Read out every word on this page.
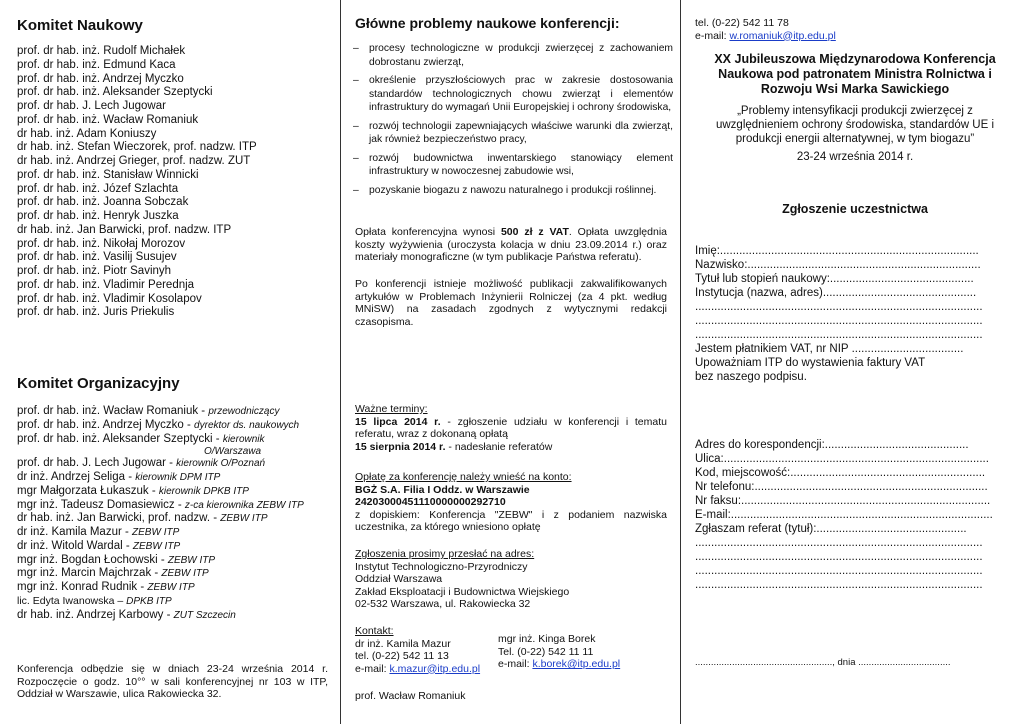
Komitet Naukowy
prof. dr hab. inż. Rudolf Michałek
prof. dr hab. inż. Edmund Kaca
prof. dr hab. inż. Andrzej Myczko
prof. dr hab. inż. Aleksander Szeptycki
prof. dr hab. J. Lech Jugowar
prof. dr hab. inż. Wacław Romaniuk
dr hab. inż. Adam Koniuszy
dr hab. inż. Stefan Wieczorek, prof. nadzw. ITP
dr hab. inż. Andrzej Grieger, prof. nadzw. ZUT
prof. dr hab. inż. Stanisław Winnicki
prof. dr hab. inż. Józef Szlachta
prof. dr hab. inż. Joanna Sobczak
prof. dr hab. inż. Henryk Juszka
dr hab. inż. Jan Barwicki, prof. nadzw. ITP
prof. dr hab. inż. Nikołaj Morozov
prof. dr hab. inż. Vasilij Susujev
prof. dr hab. inż. Piotr Savinyh
prof. dr hab. inż. Vladimir Perednja
prof. dr hab. inż. Vladimir Kosolapov
prof. dr hab. inż. Juris Priekulis
Komitet Organizacyjny
prof. dr hab. inż. Wacław Romaniuk - przewodniczący
prof. dr hab. inż. Andrzej Myczko - dyrektor ds. naukowych
prof. dr hab. inż. Aleksander Szeptycki - kierownik
O/Warszawa
prof. dr hab. J. Lech Jugowar - kierownik O/Poznań
dr inż. Andrzej Seliga - kierownik DPM ITP
mgr Małgorzata Łukaszuk - kierownik DPKB ITP
mgr inż. Tadeusz Domasiewicz - z-ca kierownika ZEBW ITP
dr hab. inż. Jan Barwicki, prof. nadzw. - ZEBW ITP
dr inż. Kamila Mazur - ZEBW ITP
dr inż. Witold Wardal - ZEBW ITP
mgr inż. Bogdan Łochowski - ZEBW ITP
mgr inż. Marcin Majchrzak - ZEBW ITP
mgr inż. Konrad Rudnik - ZEBW ITP
lic. Edyta Iwanowska – DPKB ITP
dr hab. inż. Andrzej Karbowy - ZUT Szczecin

Konferencja odbędzie się w dniach 23-24 września 2014 r. Rozpoczęcie o godz. 10°° w sali konferencyjnej nr 103 w ITP, Oddział w Warszawie, ulica Rakowiecka 32.

Główne problemy naukowe konferencji:
– procesy technologiczne w produkcji zwierzęcej z zachowaniem dobrostanu zwierząt,
– określenie przyszłościowych prac w zakresie dostosowania standardów technologicznych chowu zwierząt i elementów infrastruktury do wymagań Unii Europejskiej i ochrony środowiska,
– rozwój technologii zapewniających właściwe warunki dla zwierząt, jak również bezpieczeństwo pracy,
– rozwój budownictwa inwentarskiego stanowiący element infrastruktury w nowoczesnej zabudowie wsi,
– pozyskanie biogazu z nawozu naturalnego i produkcji roślinnej.

Opłata konferencyjna wynosi 500 zł z VAT. Opłata uwzględnia koszty wyżywienia (uroczysta kolacja w dniu 23.09.2014 r.) oraz materiały monograficzne (w tym publikacje Państwa referatu).

Po konferencji istnieje możliwość publikacji zakwalifikowanych artykułów w Problemach Inżynierii Rolniczej (za 4 pkt. według MNiSW) na zasadach zgodnych z wytycznymi redakcji czasopisma.

Ważne terminy:
15 lipca 2014 r. - zgłoszenie udziału w konferencji i tematu referatu, wraz z dokonaną opłatą
15 sierpnia 2014 r. - nadesłanie referatów
Opłatę za konferencję należy wnieść na konto:
BGŻ S.A. Filia I Oddz. w Warszawie
24203000451110000000292710
z dopiskiem: Konferencja "ZEBW" i z podaniem nazwiska uczestnika, za którego wniesiono opłatę
Zgłoszenia prosimy przesłać na adres:
Instytut Technologiczno-Przyrodniczy
Oddział Warszawa
Zakład Eksploatacji i Budownictwa Wiejskiego
02-532 Warszawa, ul. Rakowiecka 32
Kontakt:
dr inż. Kamila Mazur
tel. (0-22) 542 11 13
e-mail: k.mazur@itp.edu.pl
prof. Wacław Romaniuk
mgr inż. Kinga Borek
Tel. (0-22) 542 11 11
e-mail: k.borek@itp.edu.pl
tel. (0-22) 542 11 78
e-mail: w.romaniuk@itp.edu.pl
XX Jubileuszowa Międzynarodowa Konferencja Naukowa pod patronatem Ministra Rolnictwa i Rozwoju Wsi Marka Sawickiego

„Problemy intensyfikacji produkcji zwierzęcej z uwzględnieniem ochrony środowiska, standardów UE i produkcji energii alternatywnej, w tym biogazu”

23-24 września 2014 r.

Zgłoszenie uczestnictwa
Imię:.................................................................................
Nazwisko:.........................................................................
Tytuł lub stopień naukowy:.............................................
Instytucja (nazwa, adres)................................................
..........................................................................................
..........................................................................................
..........................................................................................
Jestem płatnikiem VAT, nr NIP ...................................
Upoważniam ITP do wystawienia faktury VAT
bez naszego podpisu.
Adres do korespondencji:.............................................
Ulica:...................................................................................
Kod, miejscowość:.............................................................
Nr telefonu:.........................................................................
Nr faksu:..............................................................................
E-mail:..................................................................................
Zgłaszam referat (tytuł):...............................................
..........................................................................................
..........................................................................................
..........................................................................................
..........................................................................................
...................................................., dnia ...................................
